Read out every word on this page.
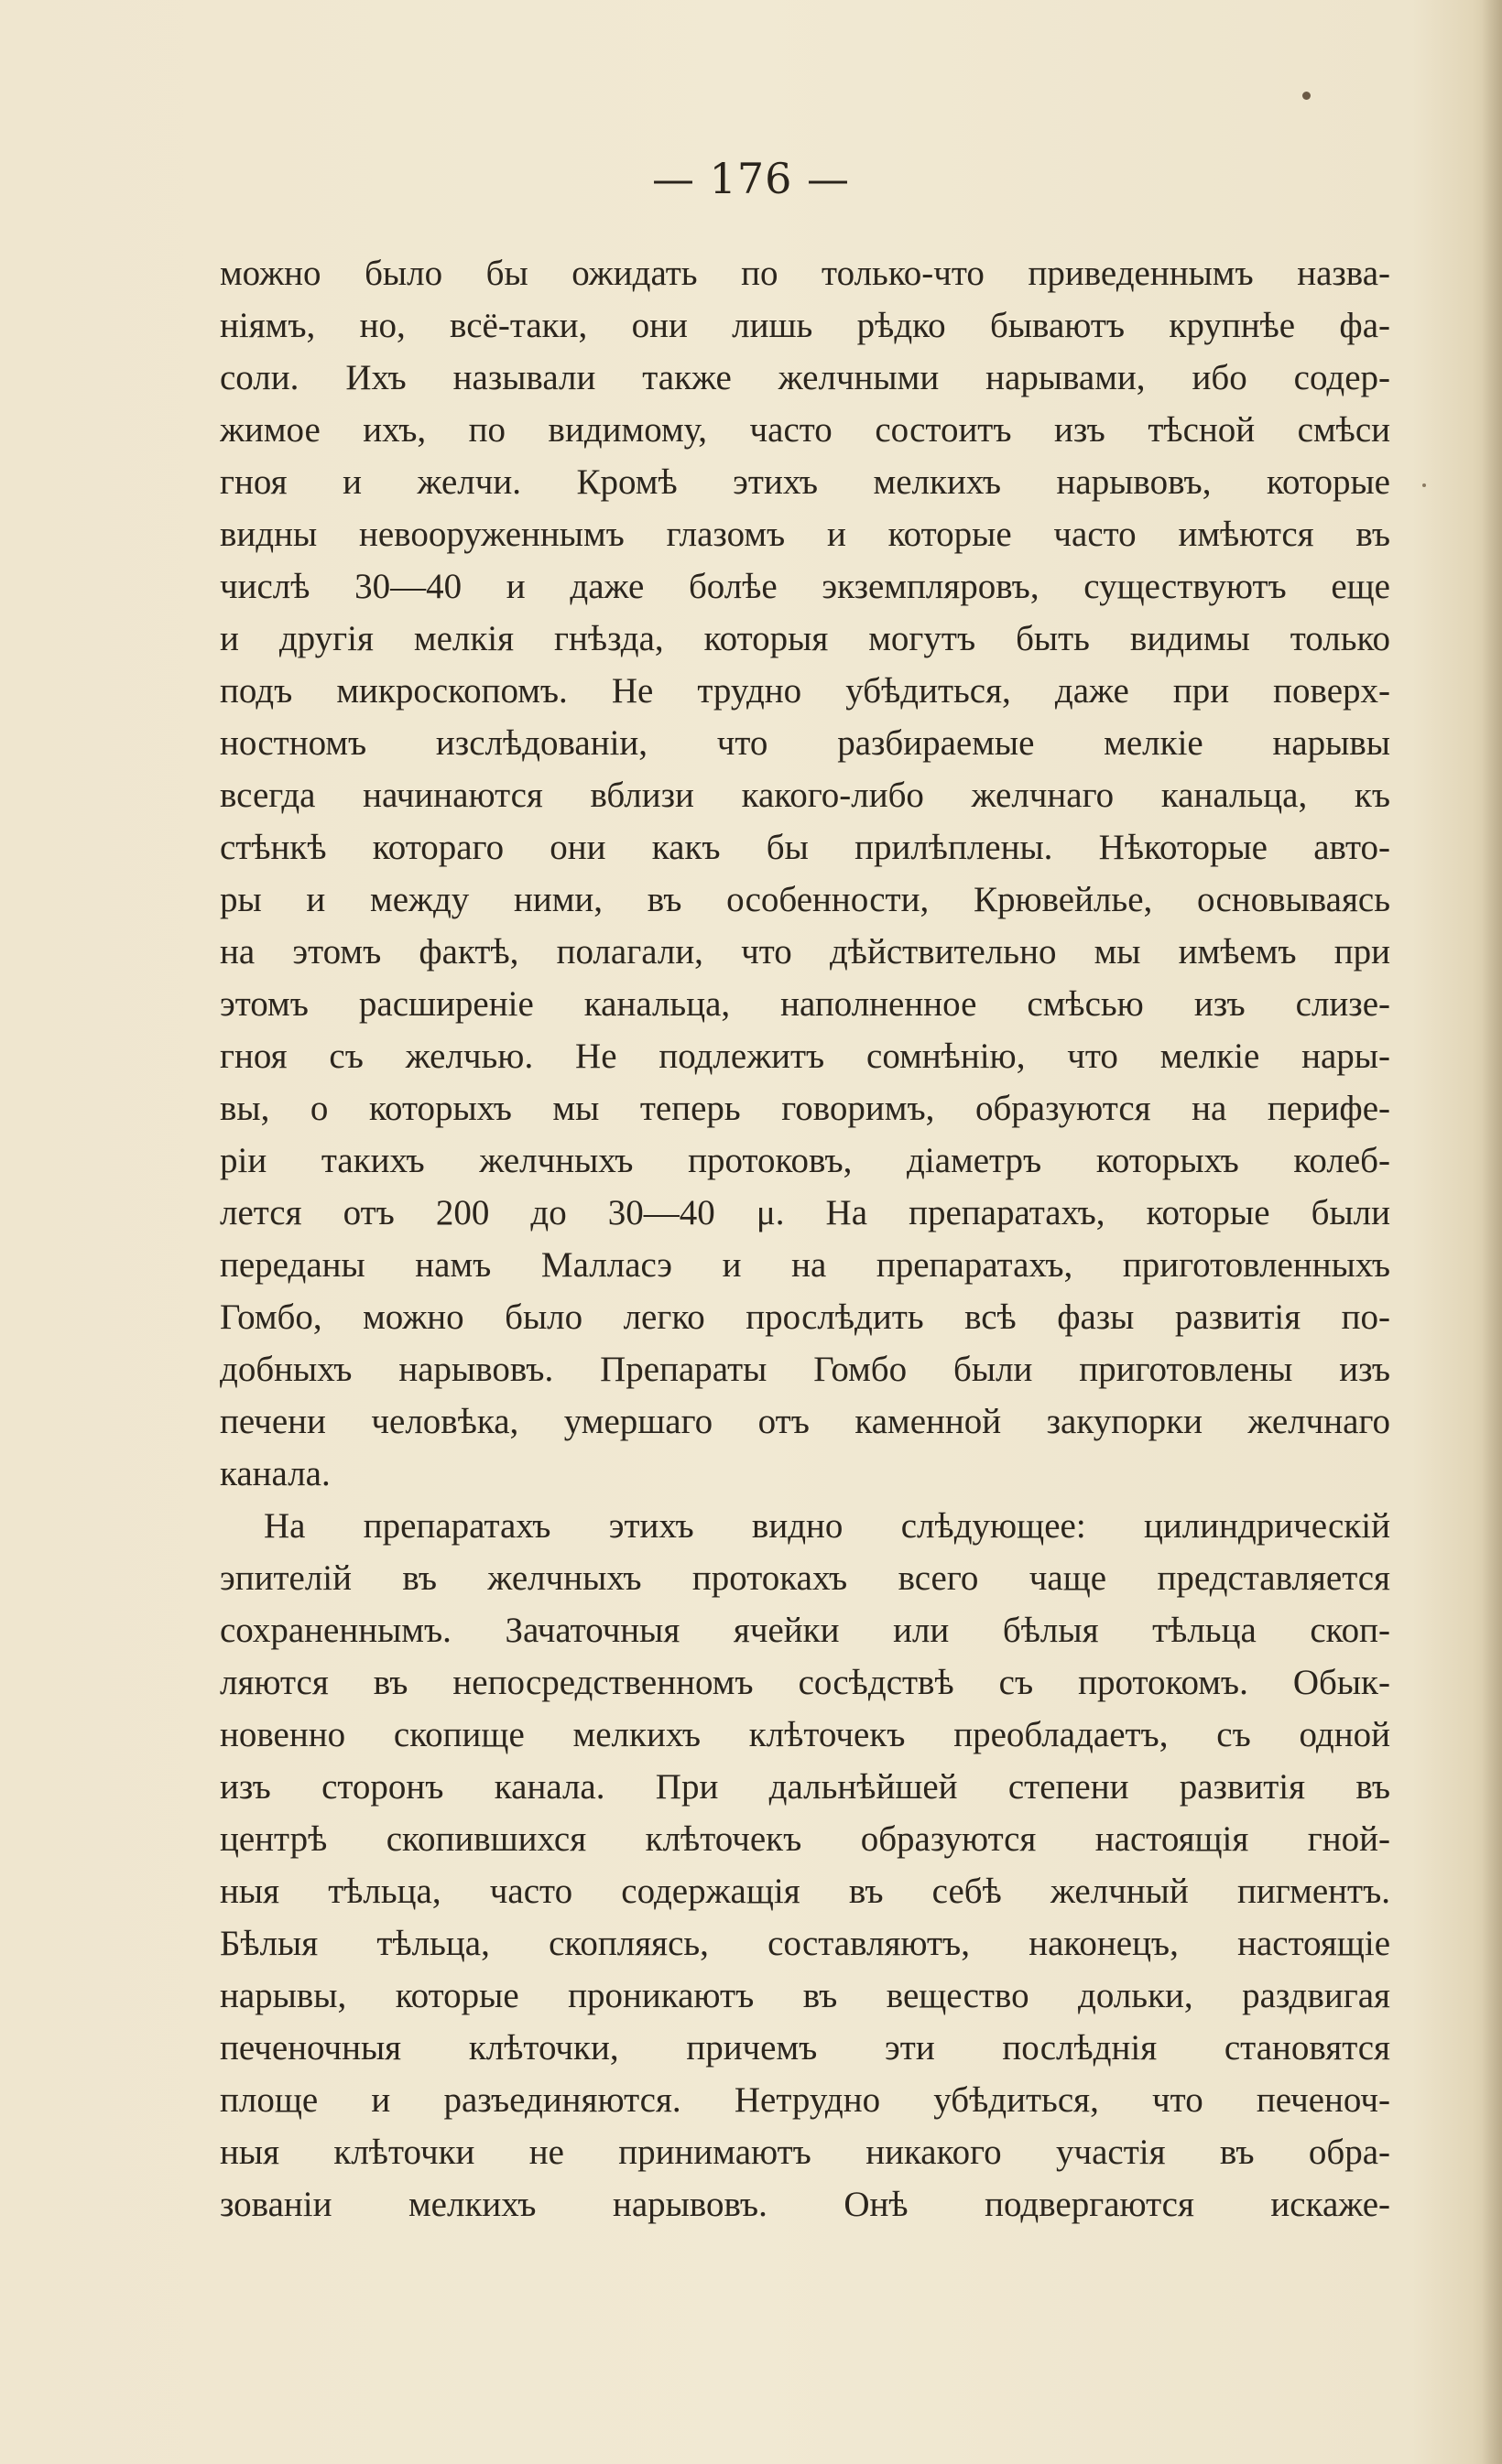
— 176 —
можно было бы ожидать по только-что приведеннымъ назва-
ніямъ, но, всё-таки, они лишь рѣдко бываютъ крупнѣе фа-
соли. Ихъ называли также желчными нарывами, ибо содер-
жимое ихъ, по видимому, часто состоитъ изъ тѣсной смѣси
гноя и желчи. Кромѣ этихъ мелкихъ нарывовъ, которые
видны невооруженнымъ глазомъ и которые часто имѣются въ
числѣ 30—40 и даже болѣе экземпляровъ, существуютъ еще
и другія мелкія гнѣзда, которыя могутъ быть видимы только
подъ микроскопомъ. Не трудно убѣдиться, даже при поверх-
ностномъ изслѣдованіи, что разбираемые мелкіе нарывы
всегда начинаются вблизи какого-либо желчнаго канальца, къ
стѣнкѣ котораго они какъ бы прилѣплены. Нѣкоторые авто-
ры и между ними, въ особенности, Крювейлье, основываясь
на этомъ фактѣ, полагали, что дѣйствительно мы имѣемъ при
этомъ расширеніе канальца, наполненное смѣсью изъ слизе-
гноя съ желчью. Не подлежитъ сомнѣнію, что мелкіе нары-
вы, о которыхъ мы теперь говоримъ, образуются на перифе-
ріи такихъ желчныхъ протоковъ, діаметръ которыхъ колеб-
лется отъ 200 до 30—40 μ. На препаратахъ, которые были
переданы намъ Малласэ и на препаратахъ, приготовленныхъ
Гомбо, можно было легко прослѣдить всѣ фазы развитія по-
добныхъ нарывовъ. Препараты Гомбо были приготовлены изъ
печени человѣка, умершаго отъ каменной закупорки желчнаго
канала.
На препаратахъ этихъ видно слѣдующее: цилиндрическій
эпителій въ желчныхъ протокахъ всего чаще представляется
сохраненнымъ. Зачаточныя ячейки или бѣлыя тѣльца скоп-
ляются въ непосредственномъ сосѣдствѣ съ протокомъ. Обык-
новенно скопище мелкихъ клѣточекъ преобладаетъ, съ одной
изъ сторонъ канала. При дальнѣйшей степени развитія въ
центрѣ скопившихся клѣточекъ образуются настоящія гной-
ныя тѣльца, часто содержащія въ себѣ желчный пигментъ.
Бѣлыя тѣльца, скопляясь, составляютъ, наконецъ, настоящіе
нарывы, которые проникаютъ въ вещество дольки, раздвигая
печеночныя клѣточки, причемъ эти послѣднія становятся
площе и разъединяются. Нетрудно убѣдиться, что печеноч-
ныя клѣточки не принимаютъ никакого участія въ обра-
зованіи мелкихъ нарывовъ. Онѣ подвергаются искаже-
